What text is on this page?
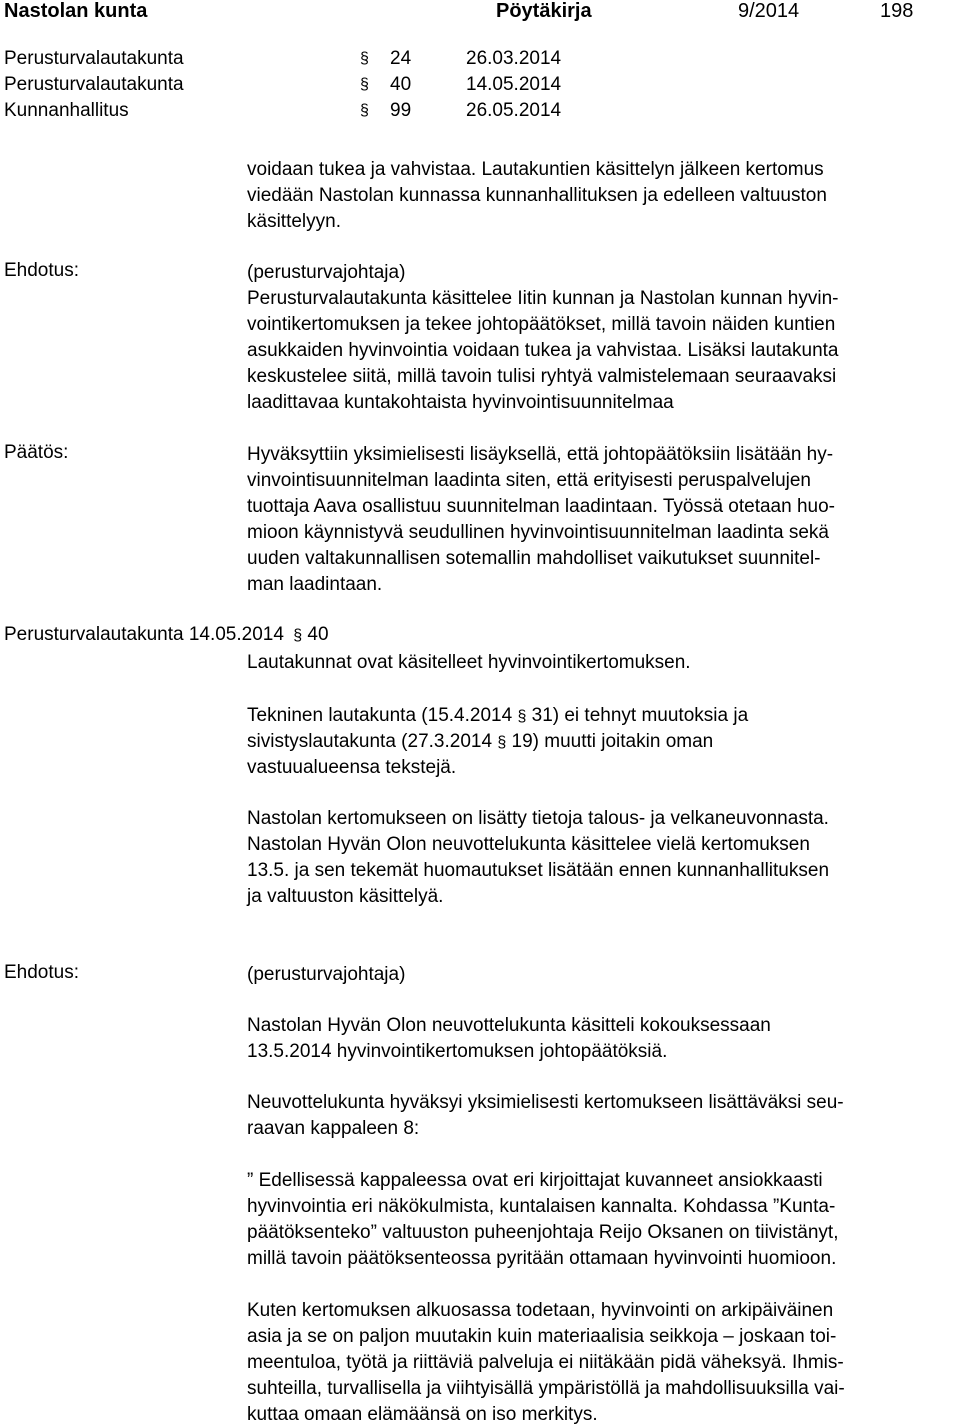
Nastolan kunta	Pöytäkirja	9/2014	198
Perusturvalautakunta	§ 24	26.03.2014
Perusturvalautakunta	§ 40	14.05.2014
Kunnanhallitus	§ 99	26.05.2014
voidaan tukea ja vahvistaa. Lautakuntien käsittelyn jälkeen kertomus
viedään Nastolan kunnassa kunnanhallituksen ja edelleen valtuuston
käsittelyyn.
Ehdotus:	(perusturvajohtaja)
Perusturvalautakunta käsittelee Iitin kunnan ja Nastolan kunnan hyvin-
vointikertomuksen ja tekee johtopäätökset, millä tavoin näiden kuntien
asukkaiden hyvinvointia voidaan tukea ja vahvistaa. Lisäksi lautakunta
keskustelee siitä, millä tavoin tulisi ryhtyä valmistelemaan seuraavaksi
laadittavaa kuntakohtaista hyvinvointisuunnitelmaa
Päätös:	Hyväksyttiin yksimielisesti lisäyksellä, että johtopäätöksiin lisätään hy-
vinvointisuunnitelman laadinta siten, että erityisesti peruspalvelujen
tuottaja Aava osallistuu suunnitelman laadintaan. Työssä otetaan huo-
mioon käynnistyvä seudullinen hyvinvointisuunnitelman laadinta sekä
uuden valtakunnallisen sotemallin mahdolliset vaikutukset suunnitel-
man laadintaan.
Perusturvalautakunta 14.05.2014 § 40
Lautakunnat ovat käsitelleet hyvinvointikertomuksen.
Tekninen lautakunta (15.4.2014 § 31) ei tehnyt muutoksia ja
sivistyslautakunta (27.3.2014 § 19) muutti joitakin oman
vastuualueensa tekstejä.
Nastolan kertomukseen on lisätty tietoja talous- ja velkaneuvonnasta.
Nastolan Hyvän Olon neuvottelukunta käsittelee vielä kertomuksen
13.5. ja sen tekemät huomautukset lisätään ennen kunnanhallituksen
ja valtuuston käsittelyä.
Ehdotus:	(perusturvajohtaja)
Nastolan Hyvän Olon neuvottelukunta käsitteli kokouksessaan
13.5.2014 hyvinvointikertomuksen johtopäätöksiä.
Neuvottelukunta hyväksyi yksimielisesti kertomukseen lisättäväksi seu-
raavan kappaleen 8:
” Edellisessä kappaleessa ovat eri kirjoittajat kuvanneet ansiokkaasti
hyvinvointia eri näkökulmista, kuntalaisen kannalta. Kohdassa ”Kunta-
päätöksenteko” valtuuston puheenjohtaja Reijo Oksanen on tiivistänyt,
millä tavoin päätöksenteossa pyritään ottamaan hyvinvointi huomioon.
Kuten kertomuksen alkuosassa todetaan, hyvinvointi on arkipäiväinen
asia ja se on paljon muutakin kuin materiaalisia seikkoja – joskaan toi-
meentuloa, työtä ja riittäviä palveluja ei niitäkään pidä väheksyä. Ihmis-
suhteilla, turvallisella ja viihtyisällä ympäristöllä ja mahdollisuuksilla vai-
kuttaa omaan elämäänsä on iso merkitys.
